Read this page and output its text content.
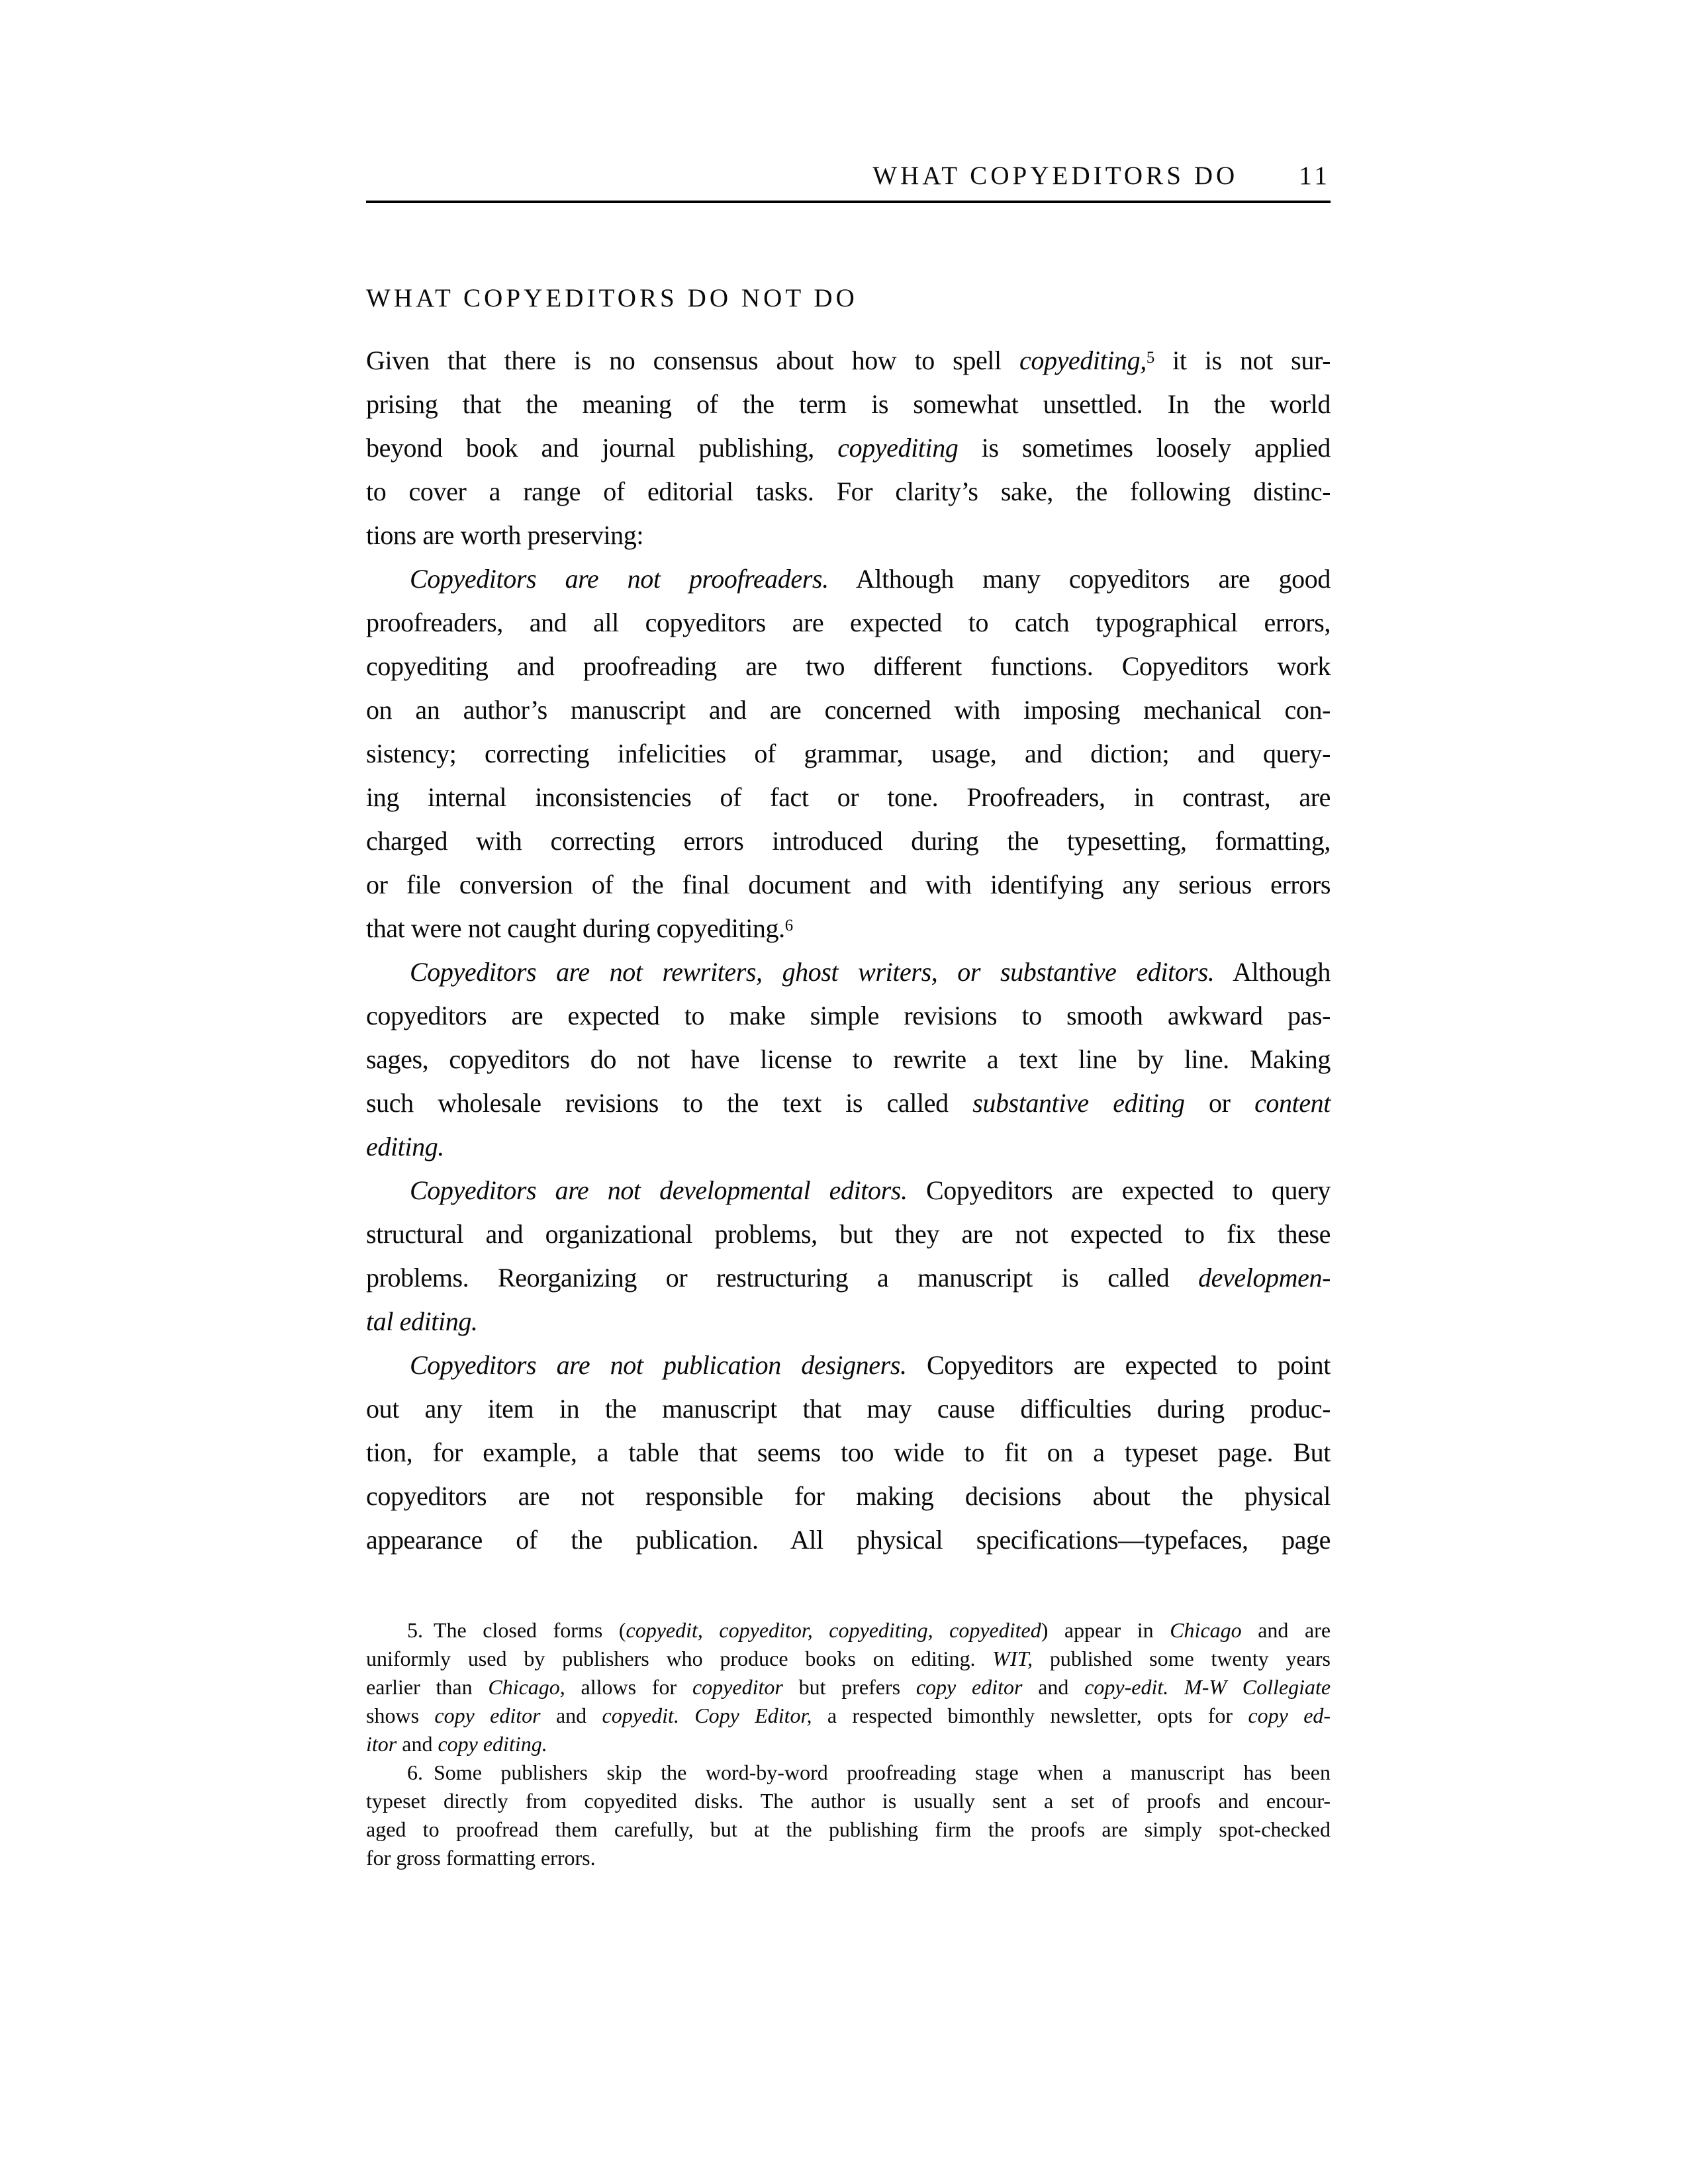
WHAT COPYEDITORS DO 11
WHAT COPYEDITORS DO NOT DO
Given that there is no consensus about how to spell copyediting,$^5$ it is not sur-
prising that the meaning of the term is somewhat unsettled. In the world
beyond book and journal publishing, copyediting is sometimes loosely applied
to cover a range of editorial tasks. For clarity’s sake, the following distinc-
tions are worth preserving:
Copyeditors are not proofreaders. Although many copyeditors are good
proofreaders, and all copyeditors are expected to catch typographical errors,
copyediting and proofreading are two different functions. Copyeditors work
on an author’s manuscript and are concerned with imposing mechanical con-
sistency; correcting infelicities of grammar, usage, and diction; and query-
ing internal inconsistencies of fact or tone. Proofreaders, in contrast, are
charged with correcting errors introduced during the typesetting, formatting,
or file conversion of the final document and with identifying any serious errors
that were not caught during copyediting.$^6$
Copyeditors are not rewriters, ghost writers, or substantive editors. Although
copyeditors are expected to make simple revisions to smooth awkward pas-
sages, copyeditors do not have license to rewrite a text line by line. Making
such wholesale revisions to the text is called substantive editing or content
editing.
Copyeditors are not developmental editors. Copyeditors are expected to query
structural and organizational problems, but they are not expected to fix these
problems. Reorganizing or restructuring a manuscript is called developmen-
tal editing.
Copyeditors are not publication designers. Copyeditors are expected to point
out any item in the manuscript that may cause difficulties during produc-
tion, for example, a table that seems too wide to fit on a typeset page. But
copyeditors are not responsible for making decisions about the physical
appearance of the publication. All physical specifications—typefaces, page
5. The closed forms (copyedit, copyeditor, copyediting, copyedited) appear in Chicago and are
uniformly used by publishers who produce books on editing. WIT, published some twenty years
earlier than Chicago, allows for copyeditor but prefers copy editor and copy-edit. M-W Collegiate
shows copy editor and copyedit. Copy Editor, a respected bimonthly newsletter, opts for copy ed-
itor and copy editing.
6. Some publishers skip the word-by-word proofreading stage when a manuscript has been
typeset directly from copyedited disks. The author is usually sent a set of proofs and encour-
aged to proofread them carefully, but at the publishing firm the proofs are simply spot-checked
for gross formatting errors.
